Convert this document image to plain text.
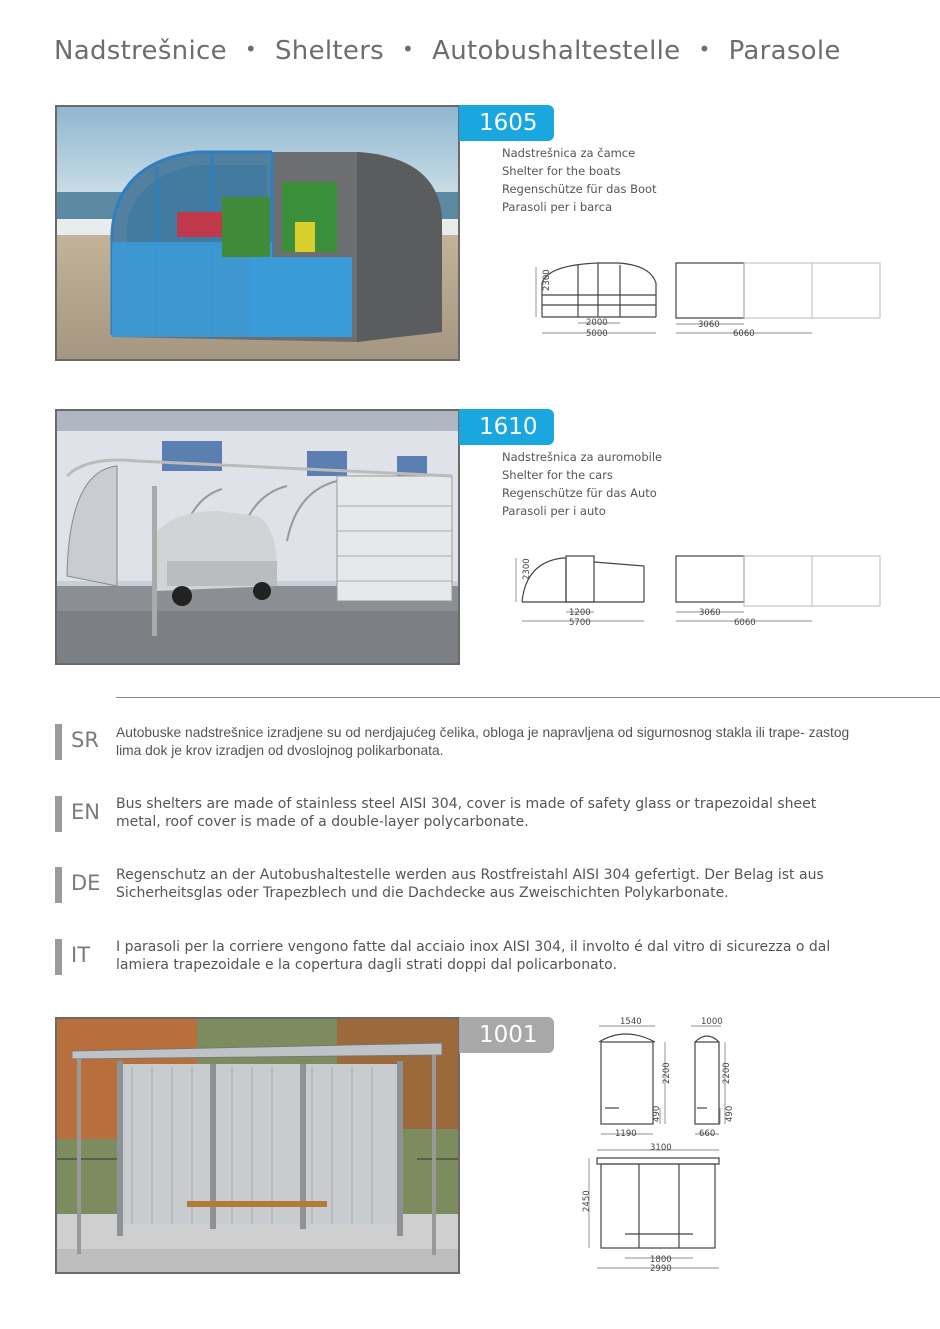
Nadstrešnice • Shelters • Autobushaltestelle • Parasole
1605
Nadstrešnica za čamce
Shelter for the boats
Regenschütze für das Boot
Parasoli per i barca
2300
2000
5000
3060
6060
1610
Nadstrešnica za auromobile
Shelter for the cars
Regenschütze für das Auto
Parasoli per i auto
2300
1200
5700
3060
6060
SR Autobuske nadstrešnice izradjene su od nerdjajućeg čelika, obloga je napravljena od sigurnosnog stakla ili trape- zastog lima dok je krov izradjen od dvoslojnog polikarbonata.
EN Bus shelters are made of stainless steel AISI 304, cover is made of safety glass or trapezoidal sheet metal, roof cover is made of a double-layer polycarbonate.
DE Regenschutz an der Autobushaltestelle werden aus Rostfreistahl AISI 304 gefertigt. Der Belag ist aus Sicherheitsglas oder Trapezblech und die Dachdecke aus Zweischichten Polykarbonate.
IT I parasoli per la corriere vengono fatte dal acciaio inox AISI 304, il involto é dal vitro di sicurezza o dal lamiera trapezoidale e la copertura dagli strati doppi dal policarbonato.
1001	1540	1000
2200	2200
490	490
1190	660
3100
2450
1800
2990
